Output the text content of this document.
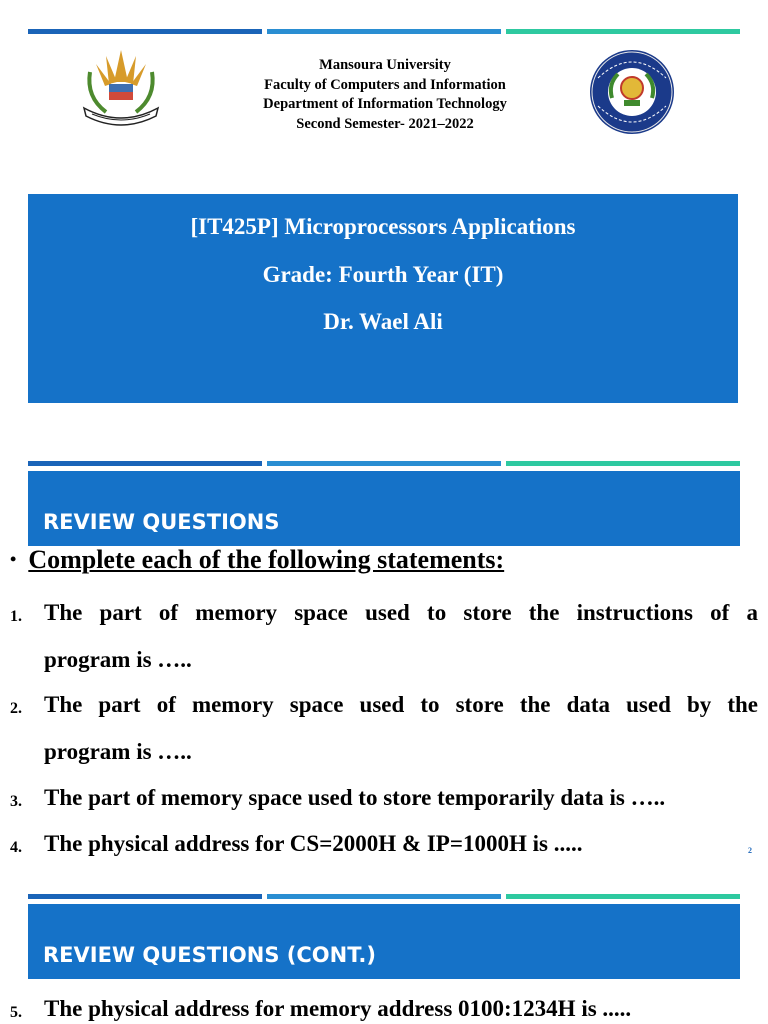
Mansoura University
Faculty of Computers and Information
Department of Information Technology
Second Semester- 2021–2022
[IT425P] Microprocessors Applications
Grade: Fourth Year (IT)
Dr. Wael Ali
REVIEW QUESTIONS
• Complete each of the following statements:
1. The part of memory space used to store the instructions of a
program is …..
2. The part of memory space used to store the data used by the
program is …..
3. The part of memory space used to store temporarily data is …..
4. The physical address for CS=2000H & IP=1000H is .....	2
REVIEW QUESTIONS (CONT.)
5. The physical address for memory address 0100:1234H is .....
